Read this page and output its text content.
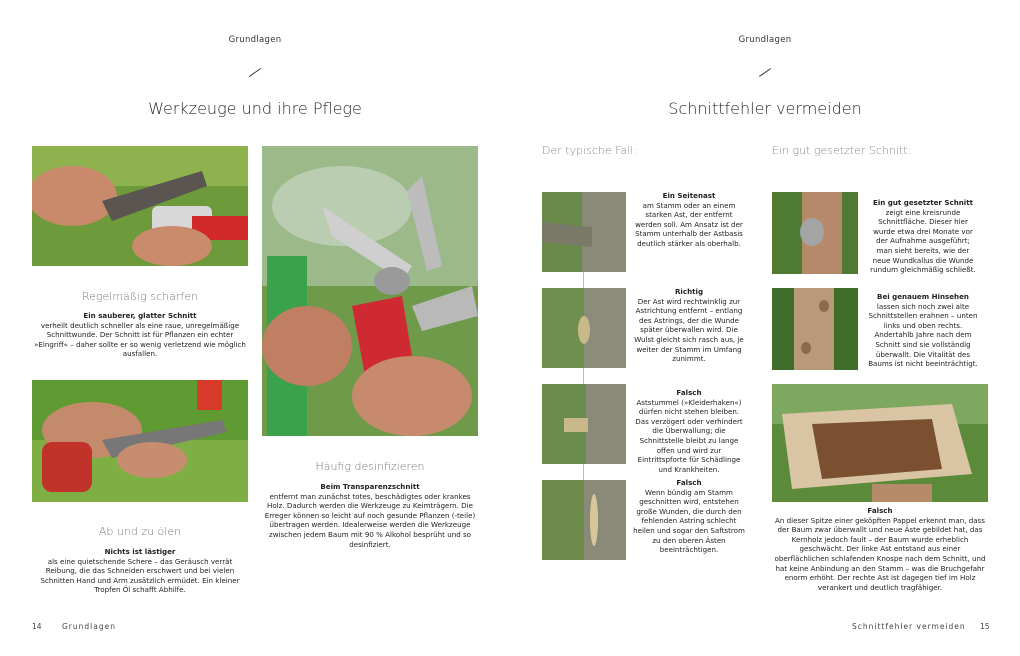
Grundlagen
Werkzeuge und ihre Pflege
Regelmäßig schärfen
Ein sauberer, glatter Schnitt
verheilt deutlich schneller als eine raue, unregelmäßige Schnittwunde. Der Schnitt ist für Pflanzen ein echter »Eingriff« – daher sollte er so wenig verletzend wie möglich ausfallen.
Ab und zu ölen
Nichts ist lästiger
als eine quietschende Schere – das Geräusch verrät Reibung, die das Schneiden erschwert und bei vielen Schnitten Hand und Arm zusätzlich ermüdet. Ein kleiner Tropfen Öl schafft Abhilfe.
Häufig desinfizieren
Beim Transparenzschnitt
entfernt man zunächst totes, beschädigtes oder krankes Holz. Dadurch werden die Werkzeuge zu Keimträgern. Die Erreger können so leicht auf noch gesunde Pflanzen (-teile) übertragen werden. Idealerweise werden die Werkzeuge zwischen jedem Baum mit 90 % Alkohol besprüht und so desinfiziert.
14	Grundlagen
Grundlagen
Schnittfehler vermeiden
Der typische Fall:	Ein gut gesetzter Schnitt:
Ein Seitenast
am Stamm oder an einem starken Ast, der entfernt werden soll. Am Ansatz ist der Stamm unterhalb der Astbasis deutlich stärker als oberhalb.
Richtig
Der Ast wird rechtwinklig zur Astrichtung entfernt – entlang des Astrings, der die Wunde später überwallen wird. Die Wulst gleicht sich rasch aus, je weiter der Stamm im Umfang zunimmt.
Falsch
Aststummel (»Kleiderhaken«) dürfen nicht stehen bleiben. Das verzögert oder verhindert die Überwallung; die Schnittstelle bleibt zu lange offen und wird zur Eintrittspforte für Schädlinge und Krankheiten.
Falsch
Wenn bündig am Stamm geschnitten wird, entstehen große Wunden, die durch den fehlenden Astring schlecht heilen und sogar den Saftstrom zu den oberen Ästen beeinträchtigen.
Ein gut gesetzter Schnitt
zeigt eine kreisrunde Schnittfläche. Dieser hier wurde etwa drei Monate vor der Aufnahme ausgeführt; man sieht bereits, wie der neue Wundkallus die Wunde rundum gleichmäßig schließt.
Bei genauem Hinsehen
lassen sich noch zwei alte Schnittstellen erahnen – unten links und oben rechts. Andertahlb Jahre nach dem Schnitt sind sie vollständig überwallt. Die Vitalität des Baums ist nicht beeinträchtigt.
Falsch
An dieser Spitze einer geköpften Pappel erkennt man, dass der Baum zwar überwallt und neue Äste gebildet hat, das Kernholz jedoch fault – der Baum wurde erheblich geschwächt. Der linke Ast entstand aus einer oberflächlichen schlafenden Knospe nach dem Schnitt, und hat keine Anbindung an den Stamm – was die Bruchgefahr enorm erhöht. Der rechte Ast ist dagegen tief im Holz verankert und deutlich tragfähiger.
Schnittfehler vermeiden 15
